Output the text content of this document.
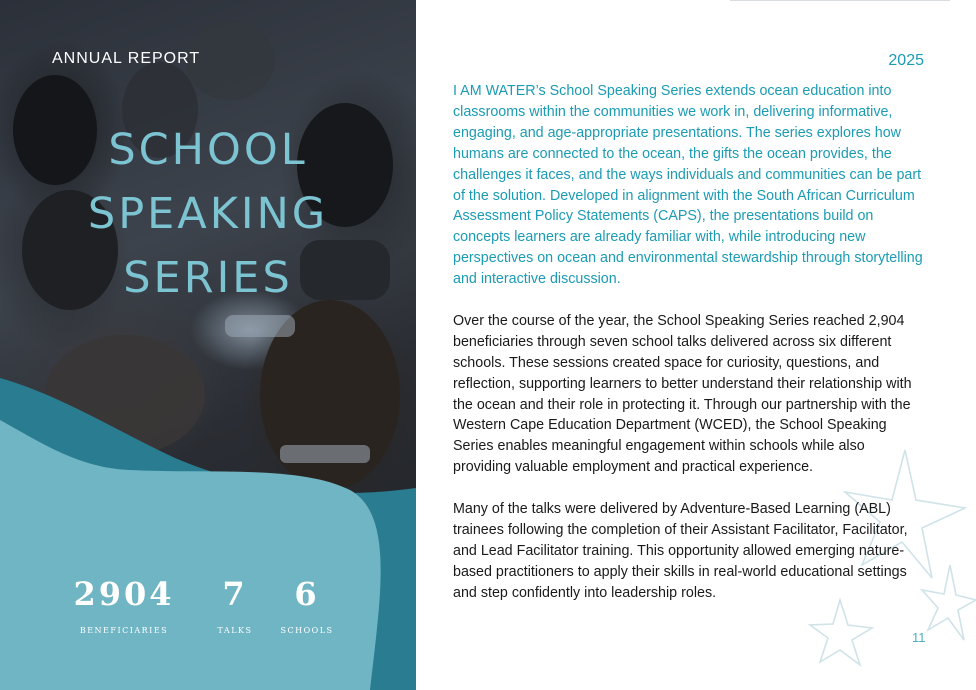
ANNUAL REPORT

SCHOOL
SPEAKING
SERIES
2904
BENEFICIARIES
7
TALKS
6
SCHOOLS
2025

I AM WATER’s School Speaking Series extends ocean education into classrooms within the communities we work in, delivering informative, engaging, and age-appropriate presentations. The series explores how humans are connected to the ocean, the gifts the ocean provides, the challenges it faces, and the ways individuals and communities can be part of the solution. Developed in alignment with the South African Curriculum Assessment Policy Statements (CAPS), the presentations build on concepts learners are already familiar with, while introducing new perspectives on ocean and environmental stewardship through storytelling and interactive discussion.

Over the course of the year, the School Speaking Series reached 2,904 beneficiaries through seven school talks delivered across six different schools. These sessions created space for curiosity, questions, and reflection, supporting learners to better understand their relationship with the ocean and their role in protecting it. Through our partnership with the Western Cape Education Department (WCED), the School Speaking Series enables meaningful engagement within schools while also providing valuable employment and practical experience.

Many of the talks were delivered by Adventure-Based Learning (ABL) trainees following the completion of their Assistant Facilitator, Facilitator, and Lead Facilitator training. This opportunity allowed emerging nature-based practitioners to apply their skills in real-world educational settings and step confidently into leadership roles.

11
